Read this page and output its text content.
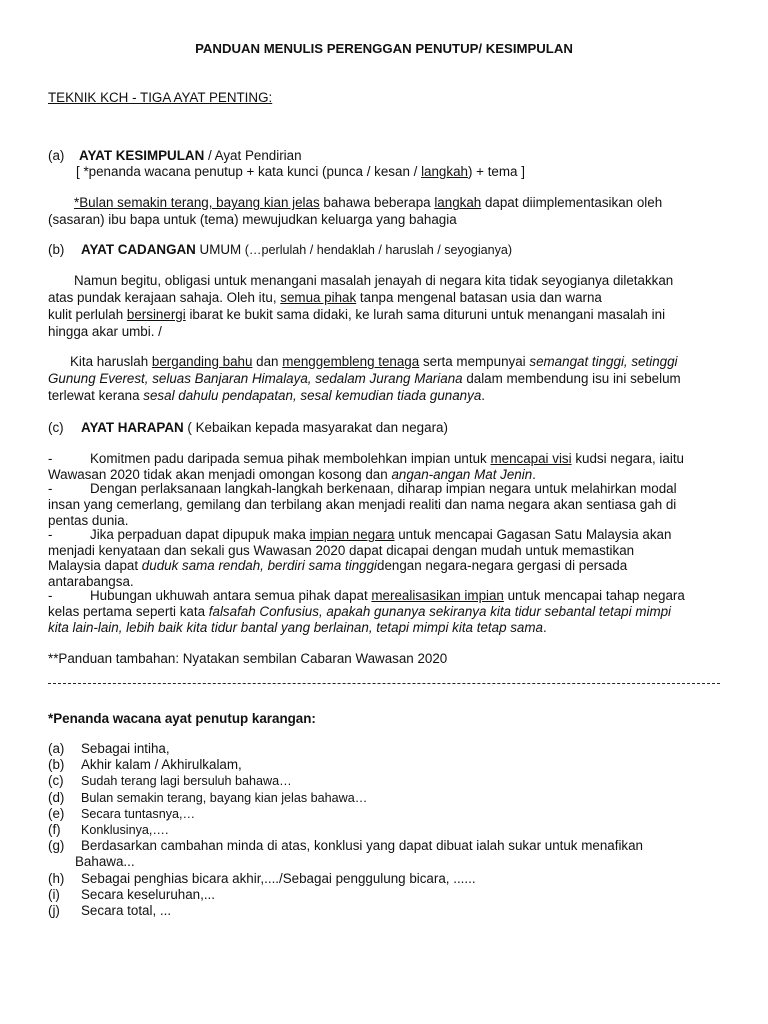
PANDUAN MENULIS PERENGGAN PENUTUP/ KESIMPULAN
TEKNIK KCH - TIGA AYAT PENTING:
(a) AYAT KESIMPULAN / Ayat Pendirian
[ *penanda wacana penutup + kata kunci (punca / kesan / langkah) + tema ]
*Bulan semakin terang, bayang kian jelas bahawa beberapa langkah dapat diimplementasikan oleh
(sasaran) ibu bapa untuk (tema) mewujudkan keluarga yang bahagia
(b) AYAT CADANGAN UMUM (…perlulah / hendaklah / haruslah / seyogianya)
Namun begitu, obligasi untuk menangani masalah jenayah di negara kita tidak seyogianya diletakkan
atas pundak kerajaan sahaja. Oleh itu, semua pihak tanpa mengenal batasan usia dan warna
kulit perlulah bersinergi ibarat ke bukit sama didaki, ke lurah sama dituruni untuk menangani masalah ini
hingga akar umbi. /
Kita haruslah berganding bahu dan menggembleng tenaga serta mempunyai semangat tinggi, setinggi
Gunung Everest, seluas Banjaran Himalaya, sedalam Jurang Mariana dalam membendung isu ini sebelum
terlewat kerana sesal dahulu pendapatan, sesal kemudian tiada gunanya.
(c) AYAT HARAPAN ( Kebaikan kepada masyarakat dan negara)
-	Komitmen padu daripada semua pihak membolehkan impian untuk mencapai visi kudsi negara, iaitu
Wawasan 2020 tidak akan menjadi omongan kosong dan angan-angan Mat Jenin.
-	Dengan perlaksanaan langkah-langkah berkenaan, diharap impian negara untuk melahirkan modal
insan yang cemerlang, gemilang dan terbilang akan menjadi realiti dan nama negara akan sentiasa gah di
pentas dunia.
-	Jika perpaduan dapat dipupuk maka impian negara untuk mencapai Gagasan Satu Malaysia akan
menjadi kenyataan dan sekali gus Wawasan 2020 dapat dicapai dengan mudah untuk memastikan
Malaysia dapat duduk sama rendah, berdiri sama tinggidengan negara-negara gergasi di persada
antarabangsa.
-	Hubungan ukhuwah antara semua pihak dapat merealisasikan impian untuk mencapai tahap negara
kelas pertama seperti kata falsafah Confusius, apakah gunanya sekiranya kita tidur sebantal tetapi mimpi
kita lain-lain, lebih baik kita tidur bantal yang berlainan, tetapi mimpi kita tetap sama.
**Panduan tambahan: Nyatakan sembilan Cabaran Wawasan 2020
*Penanda wacana ayat penutup karangan:
(a) Sebagai intiha,
(b) Akhir kalam / Akhirulkalam,
(c) Sudah terang lagi bersuluh bahawa…
(d) Bulan semakin terang, bayang kian jelas bahawa…
(e) Secara tuntasnya,…
(f) Konklusinya,….
(g) Berdasarkan cambahan minda di atas, konklusi yang dapat dibuat ialah sukar untuk menafikan
Bahawa...
(h) Sebagai penghias bicara akhir,..../Sebagai penggulung bicara, ......
(i) Secara keseluruhan,...
(j) Secara total, ...
